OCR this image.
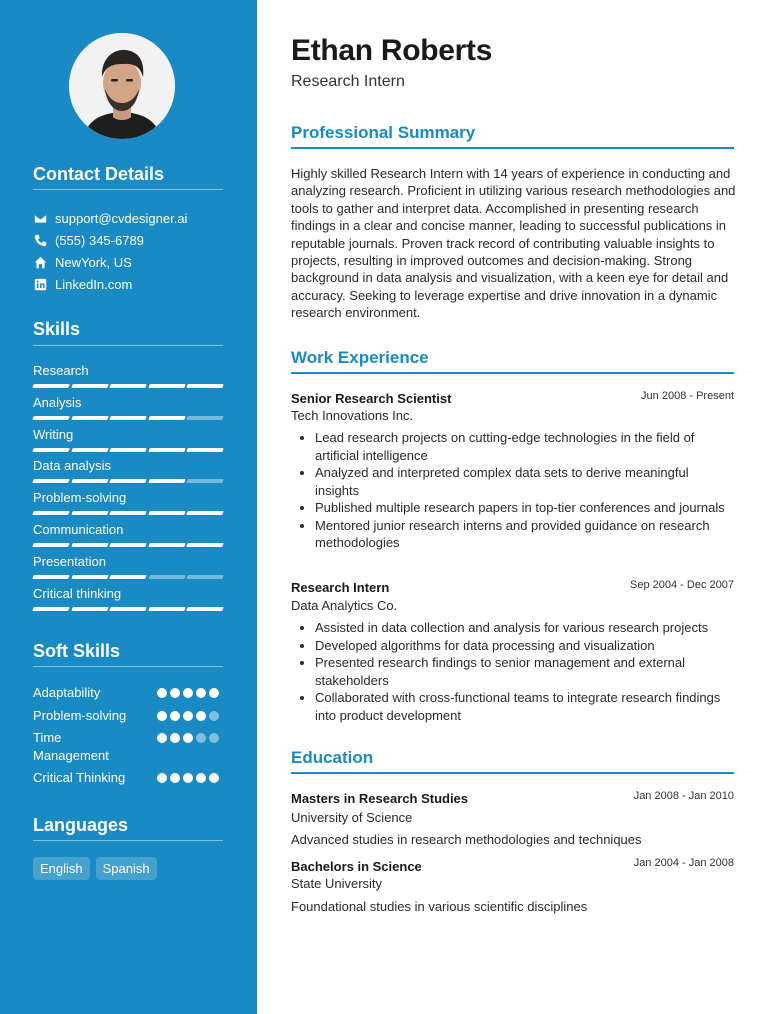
Contact Details
support@cvdesigner.ai
(555) 345-6789
NewYork, US
LinkedIn.com
Skills
Research
Analysis
Writing
Data analysis
Problem-solving
Communication
Presentation
Critical thinking
Soft Skills
Adaptability
Problem-solving
Time Management
Critical Thinking
Languages
English	Spanish
Ethan Roberts
Research Intern
Professional Summary
Highly skilled Research Intern with 14 years of experience in conducting and analyzing research. Proficient in utilizing various research methodologies and tools to gather and interpret data. Accomplished in presenting research findings in a clear and concise manner, leading to successful publications in reputable journals. Proven track record of contributing valuable insights to projects, resulting in improved outcomes and decision-making. Strong background in data analysis and visualization, with a keen eye for detail and accuracy. Seeking to leverage expertise and drive innovation in a dynamic research environment.
Work Experience
Senior Research Scientist	Jun 2008 - Present
Tech Innovations Inc.
Lead research projects on cutting-edge technologies in the field of artificial intelligence
Analyzed and interpreted complex data sets to derive meaningful insights
Published multiple research papers in top-tier conferences and journals
Mentored junior research interns and provided guidance on research methodologies
Research Intern	Sep 2004 - Dec 2007
Data Analytics Co.
Assisted in data collection and analysis for various research projects
Developed algorithms for data processing and visualization
Presented research findings to senior management and external stakeholders
Collaborated with cross-functional teams to integrate research findings into product development
Education
Masters in Research Studies	Jan 2008 - Jan 2010
University of Science
Advanced studies in research methodologies and techniques
Bachelors in Science	Jan 2004 - Jan 2008
State University
Foundational studies in various scientific disciplines
